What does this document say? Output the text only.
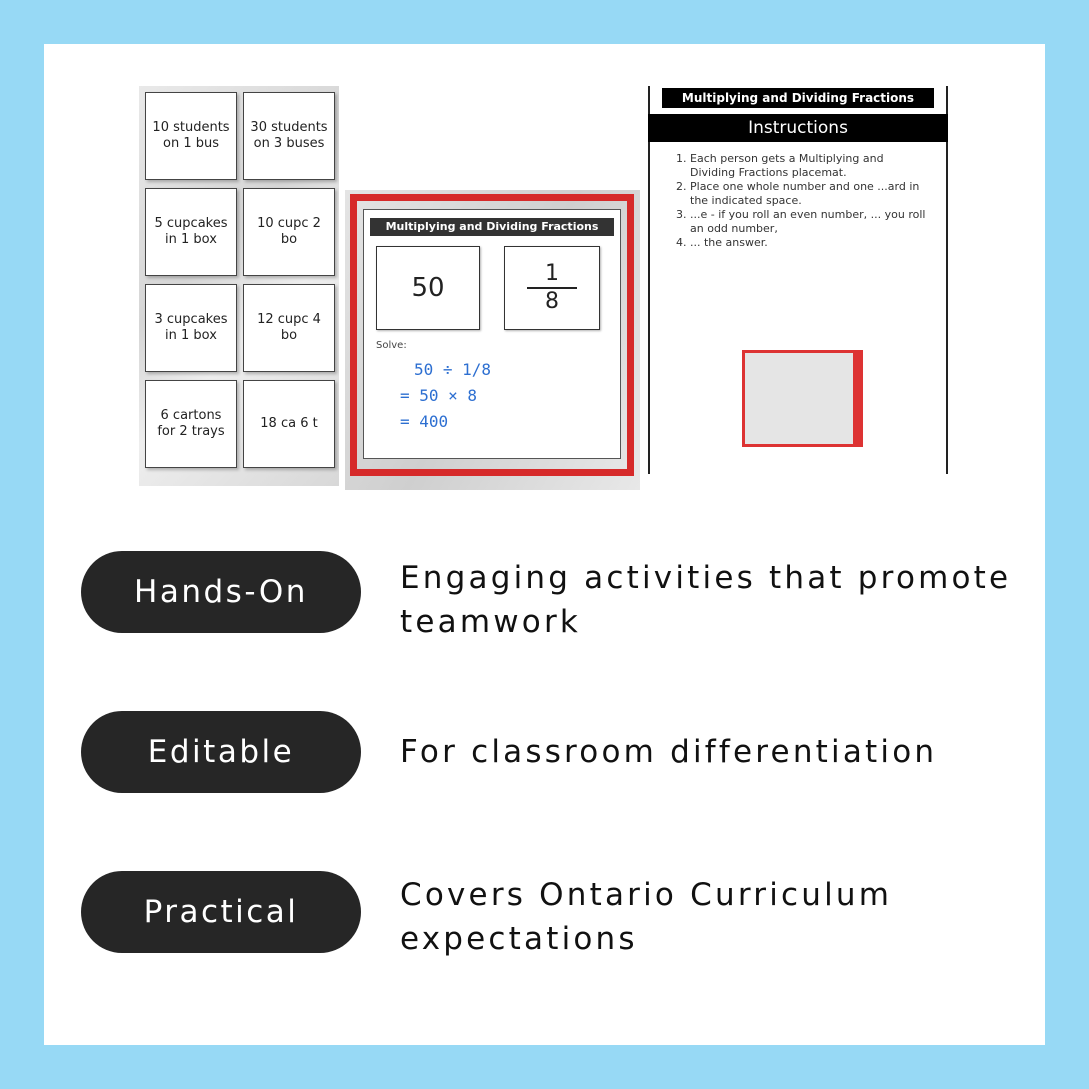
10 students on 1 bus
30 students on 3 buses
5 cupcakes in 1 box
10 cupc 2 bo
3 cupcakes in 1 box
12 cupc 4 bo
6 cartons for 2 trays
18 ca 6 t
Multiplying and Dividing Fractions
Instructions
1. Each person gets a Multiplying and Dividing Fractions placemat.
2. Place one whole number and one ...ard in the indicated space.
3. ...e - if you roll an even number, ... you roll an odd number,
4. ... the answer.
Multiplying and Dividing Fractions
50	1
8
Solve:
50 ÷ 1/8
= 50 × 8
= 400
Hands-On	Engaging activities that promote teamwork
Editable	For classroom differentiation
Practical	Covers Ontario Curriculum expectations
